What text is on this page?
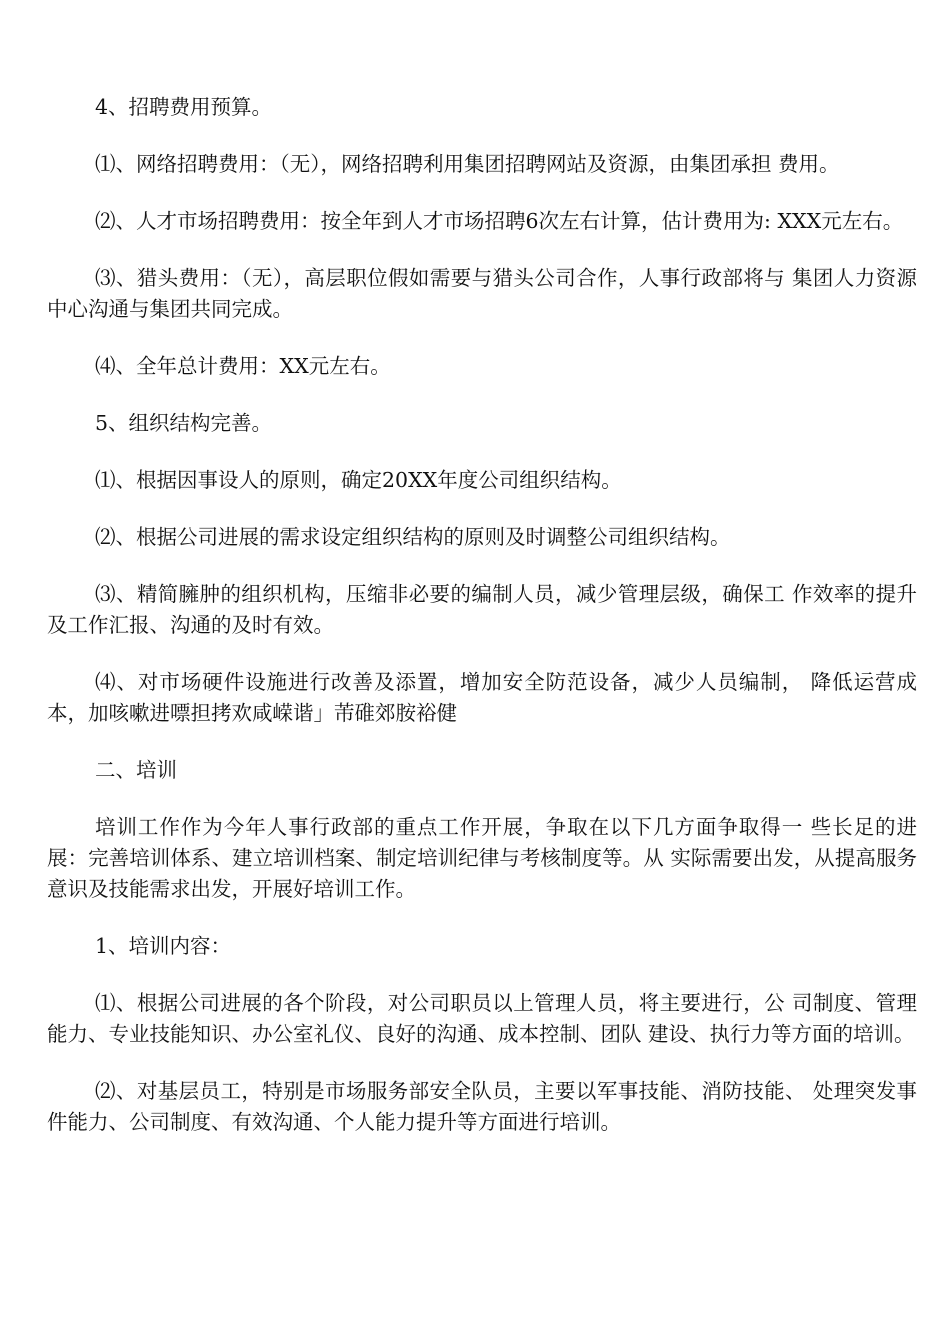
4、招聘费用预算。

⑴、网络招聘费用：（无），网络招聘利用集团招聘网站及资源，由集团承担 费用。

⑵、人才市场招聘费用：按全年到人才市场招聘6次左右计算，估计费用为: XXX元左右。

⑶、猎头费用：（无），高层职位假如需要与猎头公司合作，人事行政部将与 集团人力资源中心沟通与集团共同完成。

⑷、全年总计费用：XX元左右。

5、组织结构完善。

⑴、根据因事设人的原则，确定20XX年度公司组织结构。

⑵、根据公司进展的需求设定组织结构的原则及时调整公司组织结构。

⑶、精简臃肿的组织机构，压缩非必要的编制人员，减少管理层级，确保工 作效率的提升及工作汇报、沟通的及时有效。

⑷、对市场硬件设施进行改善及添置，增加安全防范设备，减少人员编制， 降低运营成本，加咳嗽进嘌担拷欢咸嵘谐」芾碓郊胺裕健

二、培训

培训工作作为今年人事行政部的重点工作开展，争取在以下几方面争取得一 些长足的进展：完善培训体系、建立培训档案、制定培训纪律与考核制度等。从 实际需要出发，从提高服务意识及技能需求出发，开展好培训工作。

1、培训内容：

⑴、根据公司进展的各个阶段，对公司职员以上管理人员，将主要进行，公 司制度、管理能力、专业技能知识、办公室礼仪、良好的沟通、成本控制、团队 建设、执行力等方面的培训。

⑵、对基层员工，特别是市场服务部安全队员，主要以军事技能、消防技能、 处理突发事件能力、公司制度、有效沟通、个人能力提升等方面进行培训。
